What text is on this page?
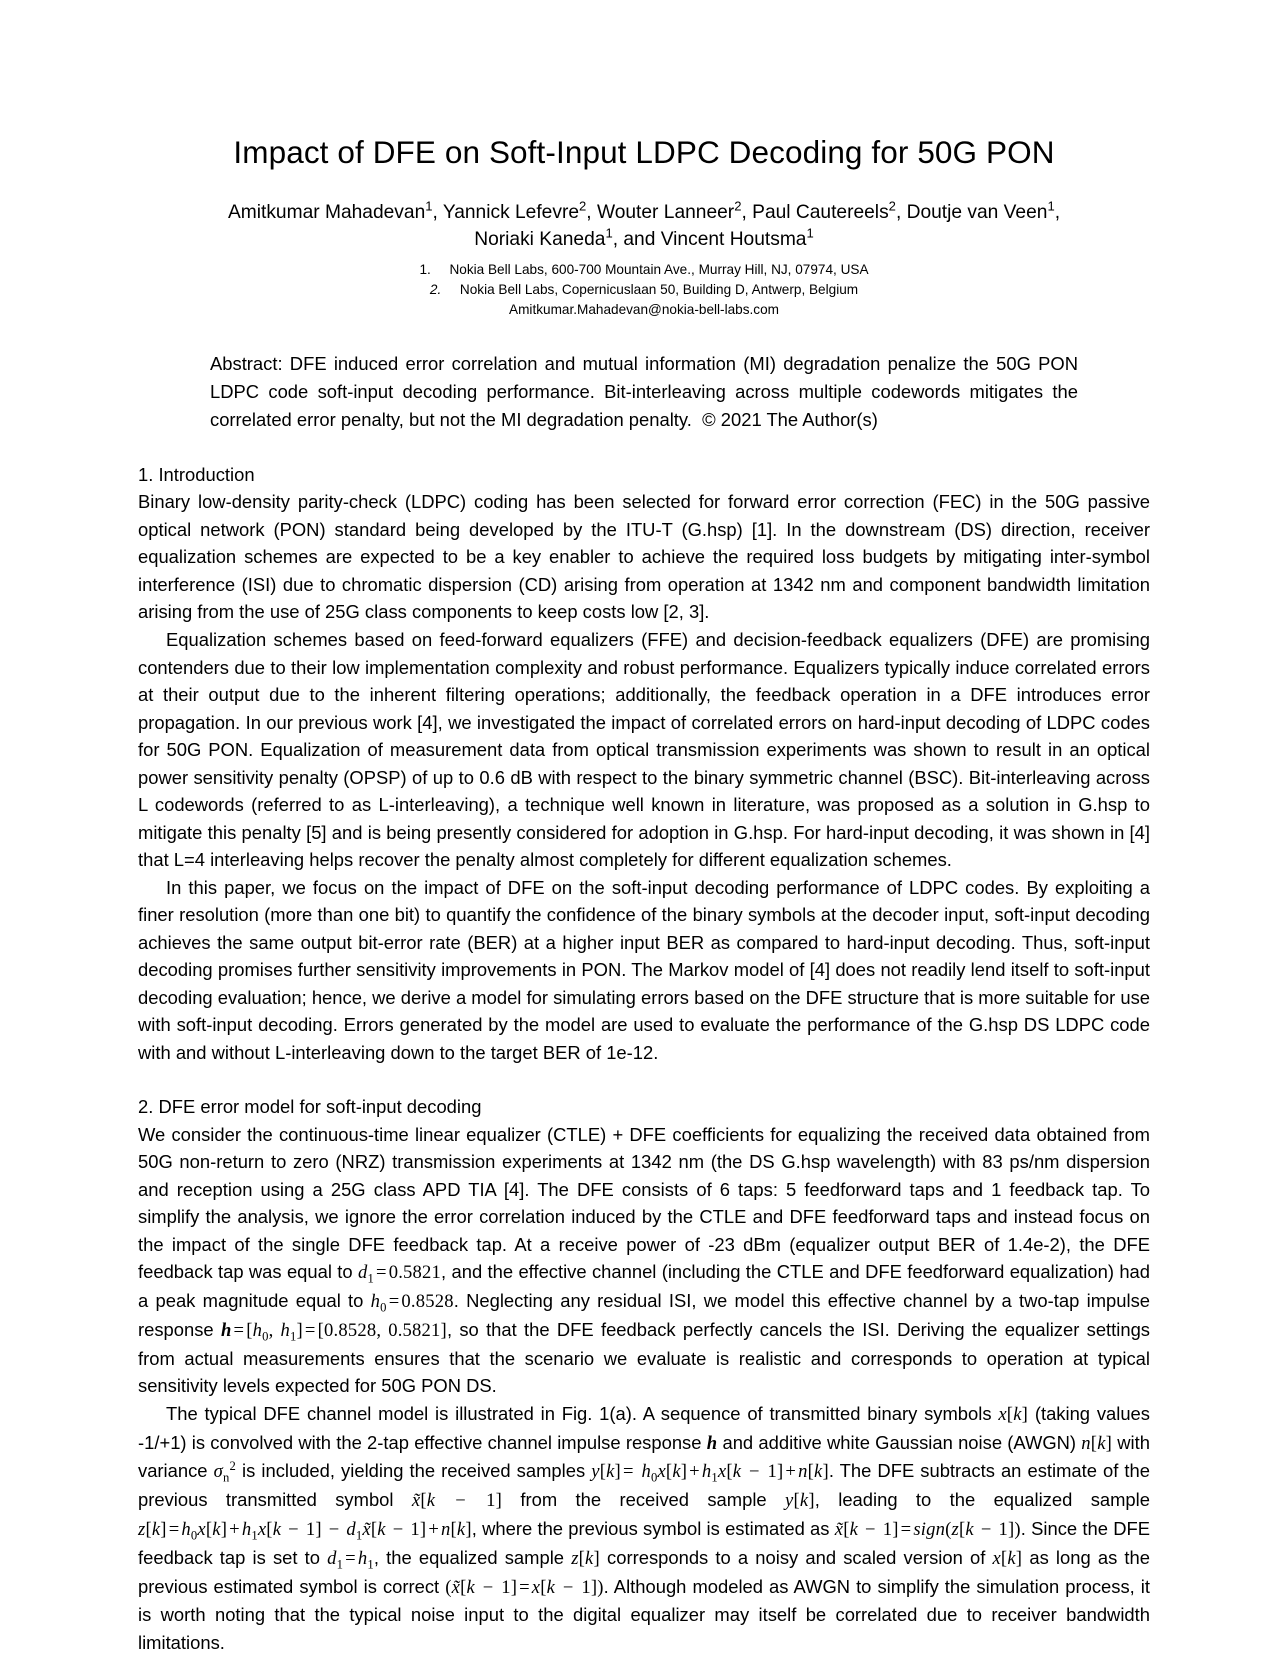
Impact of DFE on Soft-Input LDPC Decoding for 50G PON
Amitkumar Mahadevan$^1$, Yannick Lefevre$^2$, Wouter Lanneer$^2$, Paul Cautereels$^2$, Doutje van Veen$^1$,
Noriaki Kaneda$^1$, and Vincent Houtsma$^1$
1. Nokia Bell Labs, 600-700 Mountain Ave., Murray Hill, NJ, 07974, USA
2. Nokia Bell Labs, Copernicuslaan 50, Building D, Antwerp, Belgium
Amitkumar.Mahadevan@nokia-bell-labs.com

Abstract: DFE induced error correlation and mutual information (MI) degradation penalize the 50G PON LDPC code soft-input decoding performance. Bit-interleaving across multiple codewords mitigates the correlated error penalty, but not the MI degradation penalty. © 2021 The Author(s)

1. Introduction

Binary low-density parity-check (LDPC) coding has been selected for forward error correction (FEC) in the 50G passive optical network (PON) standard being developed by the ITU-T (G.hsp) [1]. In the downstream (DS) direction, receiver equalization schemes are expected to be a key enabler to achieve the required loss budgets by mitigating inter-symbol interference (ISI) due to chromatic dispersion (CD) arising from operation at 1342 nm and component bandwidth limitation arising from the use of 25G class components to keep costs low [2, 3].

Equalization schemes based on feed-forward equalizers (FFE) and decision-feedback equalizers (DFE) are promising contenders due to their low implementation complexity and robust performance. Equalizers typically induce correlated errors at their output due to the inherent filtering operations; additionally, the feedback operation in a DFE introduces error propagation. In our previous work [4], we investigated the impact of correlated errors on hard-input decoding of LDPC codes for 50G PON. Equalization of measurement data from optical transmission experiments was shown to result in an optical power sensitivity penalty (OPSP) of up to 0.6 dB with respect to the binary symmetric channel (BSC). Bit-interleaving across L codewords (referred to as L-interleaving), a technique well known in literature, was proposed as a solution in G.hsp to mitigate this penalty [5] and is being presently considered for adoption in G.hsp. For hard-input decoding, it was shown in [4] that L=4 interleaving helps recover the penalty almost completely for different equalization schemes.

In this paper, we focus on the impact of DFE on the soft-input decoding performance of LDPC codes. By exploiting a finer resolution (more than one bit) to quantify the confidence of the binary symbols at the decoder input, soft-input decoding achieves the same output bit-error rate (BER) at a higher input BER as compared to hard-input decoding. Thus, soft-input decoding promises further sensitivity improvements in PON. The Markov model of [4] does not readily lend itself to soft-input decoding evaluation; hence, we derive a model for simulating errors based on the DFE structure that is more suitable for use with soft-input decoding. Errors generated by the model are used to evaluate the performance of the G.hsp DS LDPC code with and without L-interleaving down to the target BER of 1e-12.

2. DFE error model for soft-input decoding

We consider the continuous-time linear equalizer (CTLE) + DFE coefficients for equalizing the received data obtained from 50G non-return to zero (NRZ) transmission experiments at 1342 nm (the DS G.hsp wavelength) with 83 ps/nm dispersion and reception using a 25G class APD TIA [4]. The DFE consists of 6 taps: 5 feedforward taps and 1 feedback tap. To simplify the analysis, we ignore the error correlation induced by the CTLE and DFE feedforward taps and instead focus on the impact of the single DFE feedback tap. At a receive power of -23 dBm (equalizer output BER of 1.4e-2), the DFE feedback tap was equal to $d_1 = 0.5821$, and the effective channel (including the CTLE and DFE feedforward equalization) had a peak magnitude equal to $h_0 = 0.8528$. Neglecting any residual ISI, we model this effective channel by a two-tap impulse response $h = [h_0$, $h_1] = [0.8528$, 0.5821], so that the DFE feedback perfectly cancels the ISI. Deriving the equalizer settings from actual measurements ensures that the scenario we evaluate is realistic and corresponds to operation at typical sensitivity levels expected for 50G PON DS.

The typical DFE channel model is illustrated in Fig. 1(a). A sequence of transmitted binary symbols x[k] (taking values -1/+1) is convolved with the 2-tap effective channel impulse response h and additive white Gaussian noise (AWGN) n[k] with variance $\sigma_n^2$ is included, yielding the received samples $y[k] = h_0x[k] + h_1x[k - 1] + n[k]$. The DFE subtracts an estimate of the previous transmitted symbol x̃[k − 1] from the received sample y[k], leading to the equalized sample $z[k] = h_0x[k] + h_1x[k - 1]$ − $d_1x̃[k - 1] + n[k]$, where the previous symbol is estimated as x̃[k − 1] = sign(z[k − 1]). Since the DFE feedback tap is set to $d_1 = h_1$, the equalized sample z[k] corresponds to a noisy and scaled version of x[k] as long as the previous estimated symbol is correct (x̃[k − 1] = x[k − 1]). Although modeled as AWGN to simplify the simulation process, it is worth noting that the typical noise input to the digital equalizer may itself be correlated due to receiver bandwidth limitations.
